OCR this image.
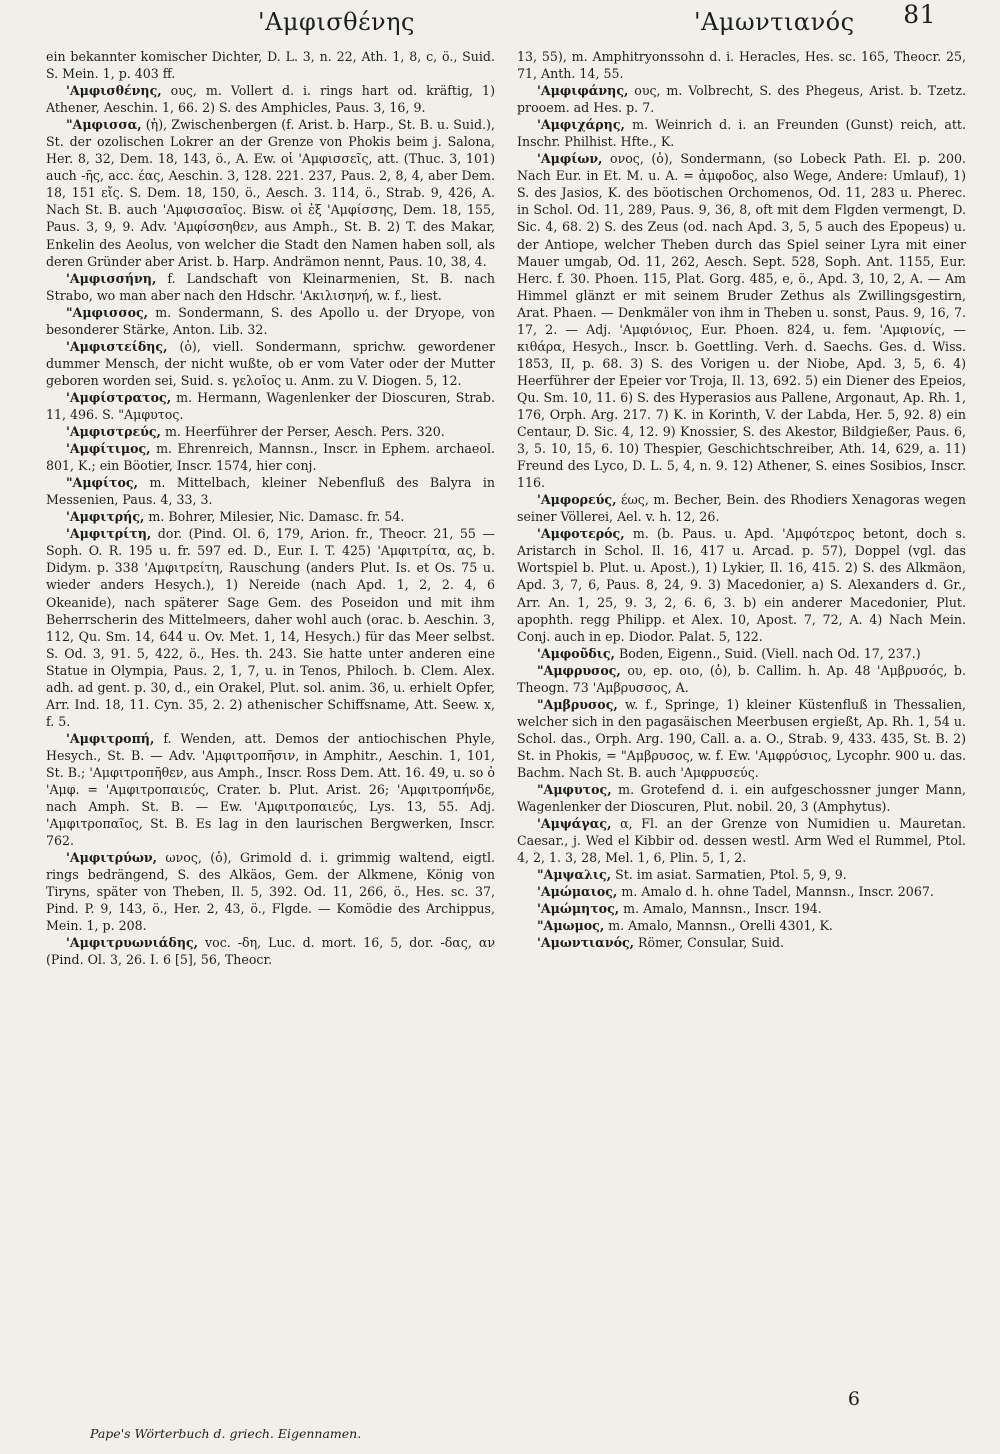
'Αμφισθένης	'Αμωντιανός 81

ein bekannter komischer Dichter, D. L. 3, n. 22, Ath. 1, 8, c, ö., Suid. S. Mein. 1, p. 403 ff.

'Αμφισθένης, ους, m. Vollert d. i. rings hart od. kräftig, 1) Athener, Aeschin. 1, 66. 2) S. des Amphicles, Paus. 3, 16, 9.

"Αμφισσα, (ἡ), Zwischenbergen (f. Arist. b. Harp., St. B. u. Suid.), St. der ozolischen Lokrer an der Grenze von Phokis beim j. Salona, Her. 8, 32, Dem. 18, 143, ö., A. Ew. οἱ 'Αμφισσεῖς, att. (Thuc. 3, 101) auch -ῆς, acc. έας, Aeschin. 3, 128. 221. 237, Paus. 2, 8, 4, aber Dem. 18, 151 εἴς. S. Dem. 18, 150, ö., Aesch. 3. 114, ö., Strab. 9, 426, A. Nach St. B. auch 'Αμφισσαῖος. Bisw. οἱ ἐξ 'Αμφίσσης, Dem. 18, 155, Paus. 3, 9, 9. Adv. 'Αμφίσσηθεν, aus Amph., St. B. 2) T. des Makar, Enkelin des Aeolus, von welcher die Stadt den Namen haben soll, als deren Gründer aber Arist. b. Harp. Andrämon nennt, Paus. 10, 38, 4.

'Αμφισσήνη, f. Landschaft von Kleinarmenien, St. B. nach Strabo, wo man aber nach den Hdschr. 'Ακιλισηνή, w. f., liest.

"Αμφισσος, m. Sondermann, S. des Apollo u. der Dryope, von besonderer Stärke, Anton. Lib. 32.

'Αμφιστείδης, (ὁ), viell. Sondermann, sprichw. gewordener dummer Mensch, der nicht wußte, ob er vom Vater oder der Mutter geboren worden sei, Suid. s. γελοῖος u. Anm. zu V. Diogen. 5, 12.

'Αμφίστρατος, m. Hermann, Wagenlenker der Dioscuren, Strab. 11, 496. S. "Αμφυτος.

'Αμφιστρεύς, m. Heerführer der Perser, Aesch. Pers. 320.

'Αμφίτιμος, m. Ehrenreich, Mannsn., Inscr. in Ephem. archaeol. 801, K.; ein Böotier, Inscr. 1574, hier conj.

"Αμφίτος, m. Mittelbach, kleiner Nebenfluß des Balyra in Messenien, Paus. 4, 33, 3.

'Αμφιτρής, m. Bohrer, Milesier, Nic. Damasc. fr. 54.

'Αμφιτρίτη, dor. (Pind. Ol. 6, 179, Arion. fr., Theocr. 21, 55 — Soph. O. R. 195 u. fr. 597 ed. D., Eur. I. T. 425) 'Αμφιτρίτα, ας, b. Didym. p. 338 'Αμφιτρείτη, Rauschung (anders Plut. Is. et Os. 75 u. wieder anders Hesych.), 1) Nereide (nach Apd. 1, 2, 2. 4, 6 Okeanide), nach späterer Sage Gem. des Poseidon und mit ihm Beherrscherin des Mittelmeers, daher wohl auch (orac. b. Aeschin. 3, 112, Qu. Sm. 14, 644 u. Ov. Met. 1, 14, Hesych.) für das Meer selbst. S. Od. 3, 91. 5, 422, ö., Hes. th. 243. Sie hatte unter anderen eine Statue in Olympia, Paus. 2, 1, 7, u. in Tenos, Philoch. b. Clem. Alex. adh. ad gent. p. 30, d., ein Orakel, Plut. sol. anim. 36, u. erhielt Opfer, Arr. Ind. 18, 11. Cyn. 35, 2. 2) athenischer Schiffsname, Att. Seew. x, f. 5.

'Αμφιτροπή, f. Wenden, att. Demos der antiochischen Phyle, Hesych., St. B. — Adv. 'Αμφιτροπῆσιν, in Amphitr., Aeschin. 1, 101, St. B.; 'Αμφιτροπῆθεν, aus Amph., Inscr. Ross Dem. Att. 16. 49, u. so ὁ 'Αμφ. = 'Αμφιτροπαιεύς, Crater. b. Plut. Arist. 26; 'Αμφιτροπήνδε, nach Amph. St. B. — Ew. 'Αμφιτροπαιεύς, Lys. 13, 55. Adj. 'Αμφιτροπαῖος, St. B. Es lag in den laurischen Bergwerken, Inscr. 762.

'Αμφιτρύων, ωνος, (ὁ), Grimold d. i. grimmig waltend, eigtl. rings bedrängend, S. des Alkäos, Gem. der Alkmene, König von Tiryns, später von Theben, Il. 5, 392. Od. 11, 266, ö., Hes. sc. 37, Pind. P. 9, 143, ö., Her. 2, 43, ö., Flgde. — Komödie des Archippus, Mein. 1, p. 208.

'Αμφιτρυωνιάδης, voc. -δη, Luc. d. mort. 16, 5, dor. -δας, αν (Pind. Ol. 3, 26. I. 6 [5], 56, Theocr.

13, 55), m. Amphitryonssohn d. i. Heracles, Hes. sc. 165, Theocr. 25, 71, Anth. 14, 55.

'Αμφιφάνης, ους, m. Volbrecht, S. des Phegeus, Arist. b. Tzetz. prooem. ad Hes. p. 7.

'Αμφιχάρης, m. Weinrich d. i. an Freunden (Gunst) reich, att. Inschr. Philhist. Hfte., K.

'Αμφίων, ονος, (ὁ), Sondermann, (so Lobeck Path. El. p. 200. Nach Eur. in Et. M. u. A. = ἀμφοδος, also Wege, Andere: Umlauf), 1) S. des Jasios, K. des böotischen Orchomenos, Od. 11, 283 u. Pherec. in Schol. Od. 11, 289, Paus. 9, 36, 8, oft mit dem Flgden vermengt, D. Sic. 4, 68. 2) S. des Zeus (od. nach Apd. 3, 5, 5 auch des Epopeus) u. der Antiope, welcher Theben durch das Spiel seiner Lyra mit einer Mauer umgab, Od. 11, 262, Aesch. Sept. 528, Soph. Ant. 1155, Eur. Herc. f. 30. Phoen. 115, Plat. Gorg. 485, e, ö., Apd. 3, 10, 2, A. — Am Himmel glänzt er mit seinem Bruder Zethus als Zwillingsgestirn, Arat. Phaen. — Denkmäler von ihm in Theben u. sonst, Paus. 9, 16, 7. 17, 2. — Adj. 'Αμφιόνιος, Eur. Phoen. 824, u. fem. 'Αμφιονίς, — κιθάρα, Hesych., Inscr. b. Goettling. Verh. d. Saechs. Ges. d. Wiss. 1853, II, p. 68. 3) S. des Vorigen u. der Niobe, Apd. 3, 5, 6. 4) Heerführer der Epeier vor Troja, Il. 13, 692. 5) ein Diener des Epeios, Qu. Sm. 10, 11. 6) S. des Hyperasios aus Pallene, Argonaut, Ap. Rh. 1, 176, Orph. Arg. 217. 7) K. in Korinth, V. der Labda, Her. 5, 92. 8) ein Centaur, D. Sic. 4, 12. 9) Knossier, S. des Akestor, Bildgießer, Paus. 6, 3, 5. 10, 15, 6. 10) Thespier, Geschichtschreiber, Ath. 14, 629, a. 11) Freund des Lyco, D. L. 5, 4, n. 9. 12) Athener, S. eines Sosibios, Inscr. 116.

'Αμφορεύς, έως, m. Becher, Bein. des Rhodiers Xenagoras wegen seiner Völlerei, Ael. v. h. 12, 26.

'Αμφοτερός, m. (b. Paus. u. Apd. 'Αμφότερος betont, doch s. Aristarch in Schol. Il. 16, 417 u. Arcad. p. 57), Doppel (vgl. das Wortspiel b. Plut. u. Apost.), 1) Lykier, Il. 16, 415. 2) S. des Alkmäon, Apd. 3, 7, 6, Paus. 8, 24, 9. 3) Macedonier, a) S. Alexanders d. Gr., Arr. An. 1, 25, 9. 3, 2, 6. 6, 3. b) ein anderer Macedonier, Plut. apophth. regg Philipp. et Alex. 10, Apost. 7, 72, A. 4) Nach Mein. Conj. auch in ep. Diodor. Palat. 5, 122.

'Αμφοῦδις, Boden, Eigenn., Suid. (Viell. nach Od. 17, 237.)

"Αμφρυσος, ου, ep. οιο, (ὁ), b. Callim. h. Ap. 48 'Αμβρυσός, b. Theogn. 73 'Αμβρυσσος, A.

"Αμβρυσος, w. f., Springe, 1) kleiner Küstenfluß in Thessalien, welcher sich in den pagasäischen Meerbusen ergießt, Ap. Rh. 1, 54 u. Schol. das., Orph. Arg. 190, Call. a. a. O., Strab. 9, 433. 435, St. B. 2) St. in Phokis, = "Αμβρυσος, w. f. Ew. 'Αμφρύσιος, Lycophr. 900 u. das. Bachm. Nach St. B. auch 'Αμφρυσεύς.

"Αμφυτος, m. Grotefend d. i. ein aufgeschossner junger Mann, Wagenlenker der Dioscuren, Plut. nobil. 20, 3 (Amphytus).

'Αμψάγας, α, Fl. an der Grenze von Numidien u. Mauretan. Caesar., j. Wed el Kibbir od. dessen westl. Arm Wed el Rummel, Ptol. 4, 2, 1. 3, 28, Mel. 1, 6, Plin. 5, 1, 2.

"Αμψαλις, St. im asiat. Sarmatien, Ptol. 5, 9, 9.

'Αμώμαιος, m. Amalo d. h. ohne Tadel, Mannsn., Inscr. 2067.

'Αμώμητος, m. Amalo, Mannsn., Inscr. 194.

"Αμωμος, m. Amalo, Mannsn., Orelli 4301, K.

'Αμωντιανός, Römer, Consular, Suid.

6
Pape's Wörterbuch d. griech. Eigennamen.
